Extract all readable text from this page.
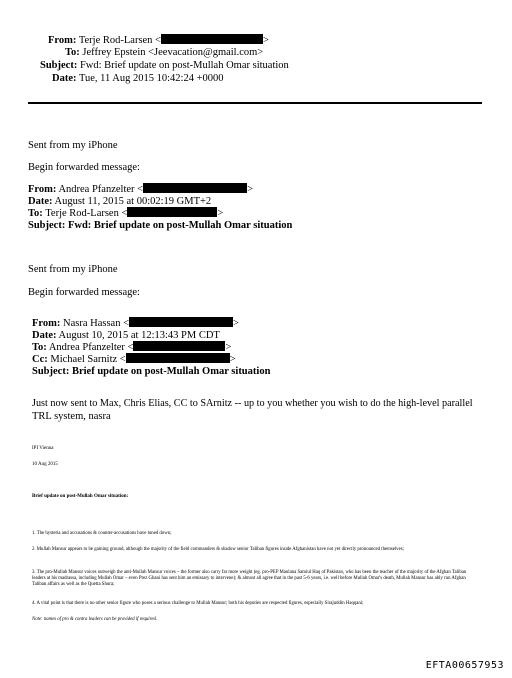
From: Terje Rod-Larsen <	>
To: Jeffrey Epstein <Jeevacation@gmail.com>
Subject: Fwd: Brief update on post-Mullah Omar situation
Date: Tue, 11 Aug 2015 10:42:24 +0000
Sent from my iPhone
Begin forwarded message:
From: Andrea Pfanzelter <	>
Date: August 11, 2015 at 00:02:19 GMT+2
To: Terje Rod-Larsen <	>
Subject: Fwd: Brief update on post-Mullah Omar situation
Sent from my iPhone
Begin forwarded message:
From: Nasra Hassan <	>
Date: August 10, 2015 at 12:13:43 PM CDT
To: Andrea Pfanzelter <	>
Cc: Michael Sarnitz <	>
Subject: Brief update on post-Mullah Omar situation
Just now sent to Max, Chris Elias, CC to SArnitz -- up to you whether you wish to do the high-level parallel
TRL system, nasra
IPI Vienna
10 Aug 2015
Brief update on post-Mullah Omar situation:
1. The hysteria and accusations & counter-accusations have toned down;
2. Mullah Mansur appears to be gaining ground, although the majority of the field commanders & shadow senior Taliban figures inside Afghanistan have not yet directly pronounced themselves;
3. The pro-Mullah Mansur voices outweigh the anti-Mullah Mansur voices – the former also carry far more weight (eg. pro-PEP Maulana Samiul Haq of Pakistan, who has been the teacher of the majority of the Afghan Taliban leaders at his madrassa, including Mullah Omar – even Prez Ghani has sent him an emissary to intervene); & almost all agree that in the past 5-6 years, i.e. well before Mullah Omar's death, Mullah Mansur has ably run Afghan Taliban affairs as well as the Quetta Shura;
4. A vital point is that there is no other senior figure who poses a serious challenge to Mullah Mansur; both his deputies are respected figures, especially Sirajuddin Haqqani;
Note: names of pro & contra leaders can be provided if required.
EFTA00657953
